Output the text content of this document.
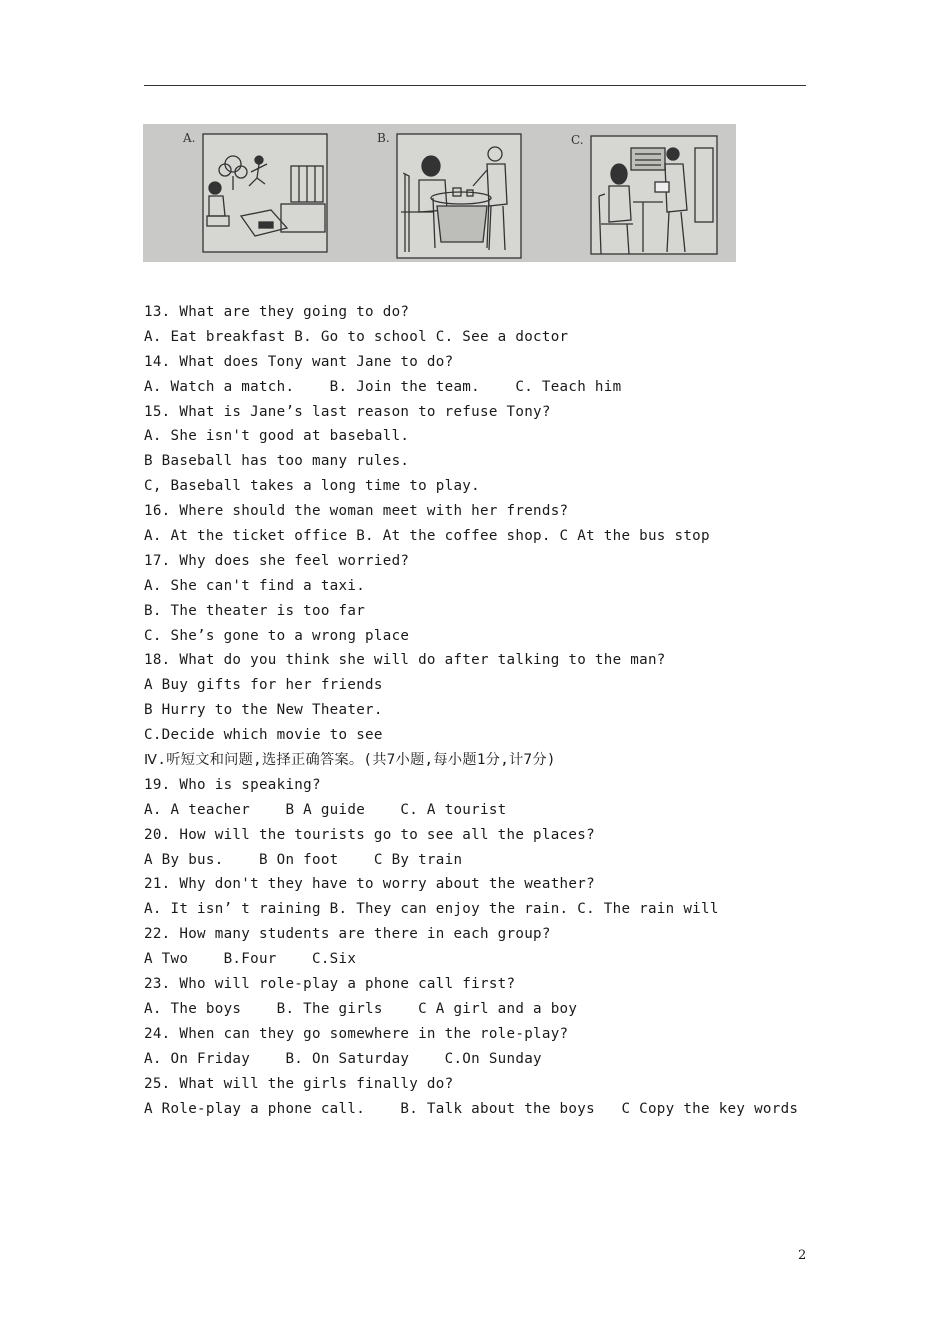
A.	B.	C.
13. What are they going to do?
A. Eat breakfast B. Go to school C. See a doctor
14. What does Tony want Jane to do?
A. Watch a match.    B. Join the team.    C. Teach him
15. What is Jane’s last reason to refuse Tony?
A. She isn't good at baseball.
B Baseball has too many rules.
C, Baseball takes a long time to play.
16. Where should the woman meet with her frends?
A. At the ticket office B. At the coffee shop. C At the bus stop
17. Why does she feel worried?
A. She can't find a taxi.
B. The theater is too far
C. She’s gone to a wrong place
18. What do you think she will do after talking to the man?
A Buy gifts for her friends
B Hurry to the New Theater.
C.Decide which movie to see
Ⅳ.听短文和问题,选择正确答案。(共7小题,每小题1分,计7分)
19. Who is speaking?
A. A teacher    B A guide    C. A tourist
20. How will the tourists go to see all the places?
A By bus.    B On foot    C By train
21. Why don't they have to worry about the weather?
A. It isn’ t raining B. They can enjoy the rain. C. The rain will
22. How many students are there in each group?
A Two    B.Four    C.Six
23. Who will role-play a phone call first?
A. The boys    B. The girls    C A girl and a boy
24. When can they go somewhere in the role-play?
A. On Friday    B. On Saturday    C.On Sunday
25. What will the girls finally do?
A Role-play a phone call.    B. Talk about the boys   C Copy the key words
2
